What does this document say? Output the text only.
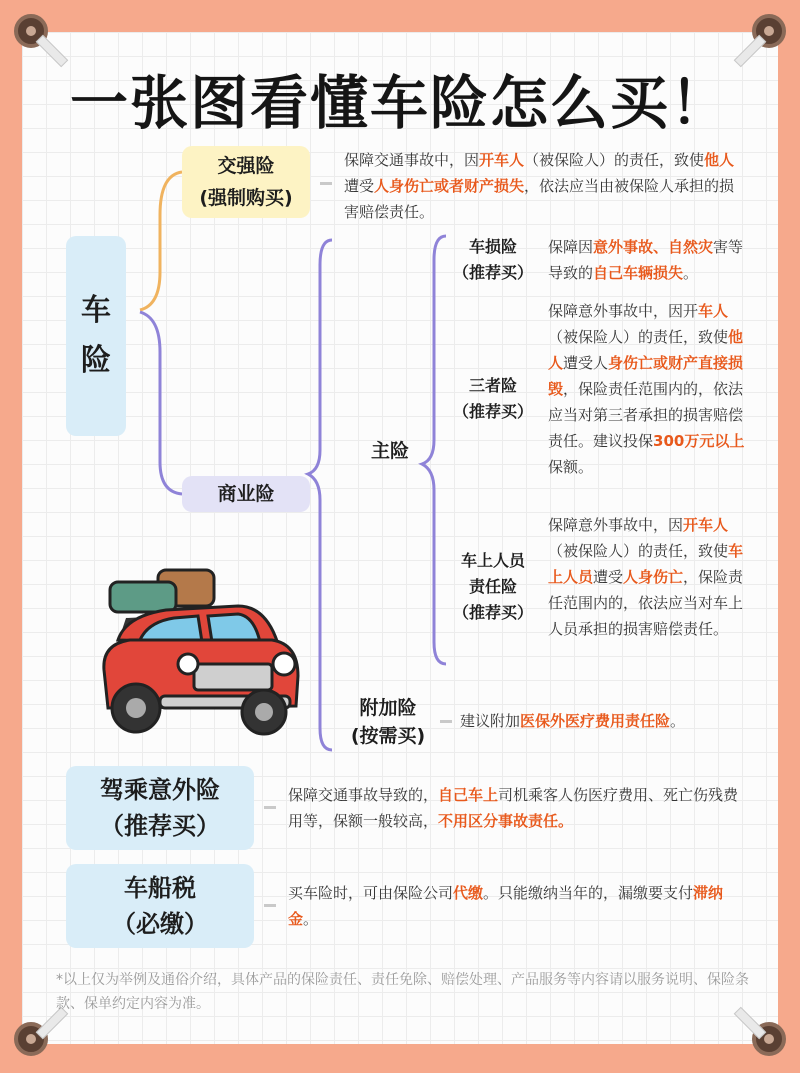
一张图看懂车险怎么买！
车
险
交强险
(强制购买)
保障交通事故中，因开车人（被保险人）的责任，致使他人遭受人身伤亡或者财产损失，依法应当由被保险人承担的损害赔偿责任。
商业险
主险
车损险
（推荐买）
保障因意外事故、自然灾害等导致的自己车辆损失。
三者险
（推荐买）
保障意外事故中，因开车人（被保险人）的责任，致使他人遭受人身伤亡或财产直接损毁，保险责任范围内的，依法应当对第三者承担的损害赔偿责任。建议投保300万元以上保额。
车上人员
责任险
（推荐买）
保障意外事故中，因开车人（被保险人）的责任，致使车上人员遭受人身伤亡，保险责任范围内的，依法应当对车上人员承担的损害赔偿责任。
附加险
(按需买)
建议附加医保外医疗费用责任险。
驾乘意外险
（推荐买）
保障交通事故导致的，自己车上司机乘客人伤医疗费用、死亡伤残费用等，保额一般较高，不用区分事故责任。
车船税
（必缴）
买车险时，可由保险公司代缴。只能缴纳当年的，漏缴要支付滞纳金。
*以上仅为举例及通俗介绍，具体产品的保险责任、责任免除、赔偿处理、产品服务等内容请以服务说明、保险条款、保单约定内容为准。
